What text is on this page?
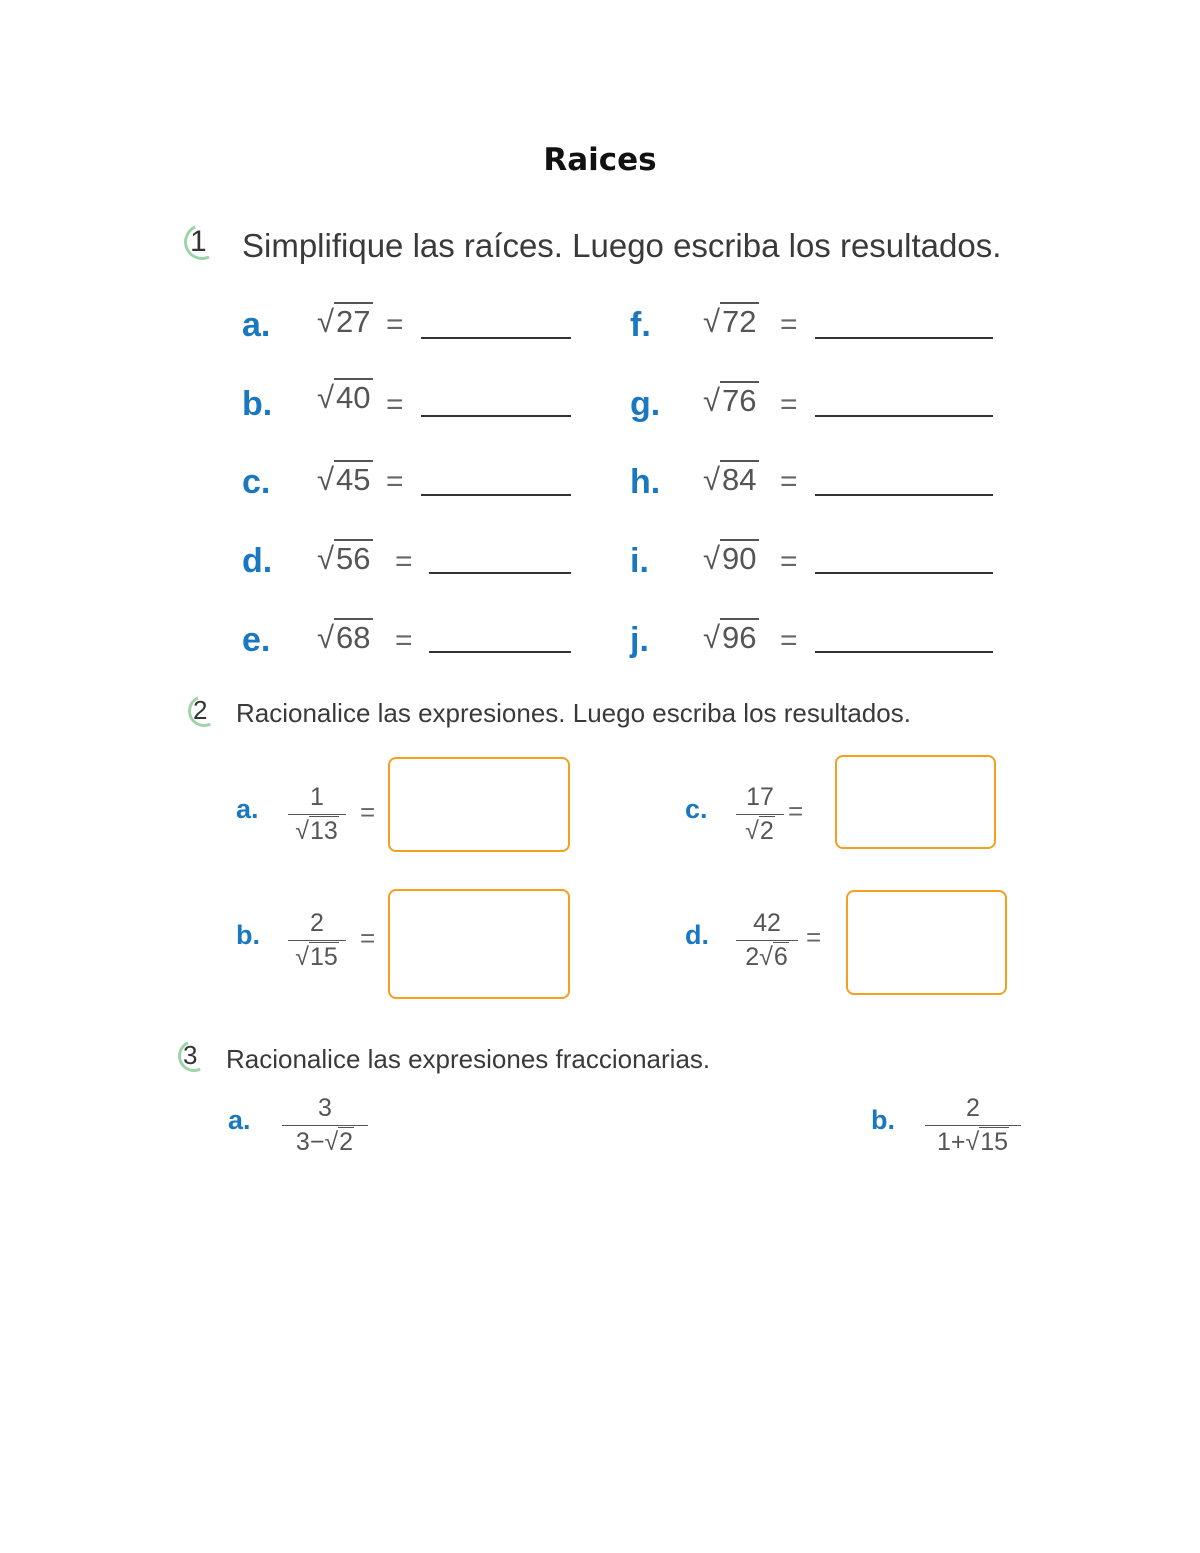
Raices
1 Simplifique las raíces. Luego escriba los resultados.
a. √27 =
b. √40 =
c. √45 =
d. √56 =
e. √68 =
f. √72 =
g. √76 =
h. √84 =
i. √90 =
j. √96 =
2 Racionalice las expresiones. Luego escriba los resultados.
a.	1
√13
=
b.	2
√15
=
c.	17
√2
=
d.	42
2√6
=
3 Racionalice las expresiones fraccionarias.
a.	3
3−√2
b.	2
1+√15
